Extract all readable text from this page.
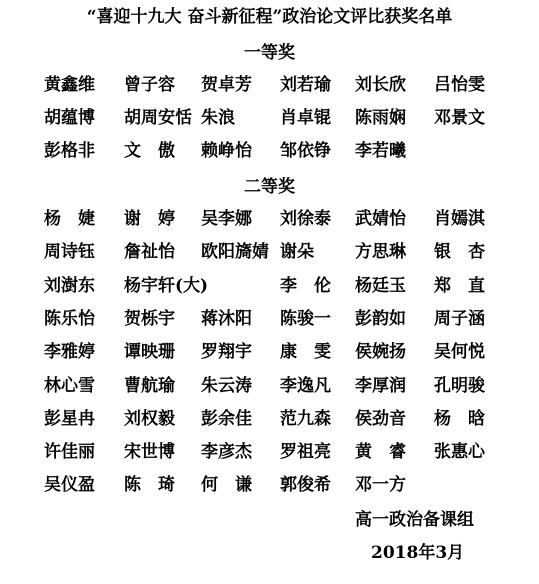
“喜迎十九大 奋斗新征程”政治论文评比获奖名单
一等奖
黄鑫维 曾子容 贺卓芳 刘若瑜 刘长欣 吕怡雯
胡蕴博 胡周安恬 朱浪	肖卓锟 陈雨娴 邓景文
彭格非 文　傲 赖峥怡 邹依铮 李若曦
二等奖
杨　婕 谢　婷 吴李娜 刘徐泰 武婧怡 肖嫣淇
周诗钰 詹祉怡 欧阳旖婧 谢朵 方思琳 银　杏
刘澍东 杨宇轩(大)	李　伦 杨廷玉 郑　直
陈乐怡 贺栎宇 蒋沐阳 陈骏一 彭韵如 周子涵
李雅婷 谭映珊 罗翔宇 康　雯 侯婉扬 吴何悦
林心雪 曹航瑜 朱云涛 李逸凡 李厚润 孔明骏
彭星冉 刘权毅 彭余佳 范九森 侯劲音 杨　晗
许佳丽 宋世博 李彦杰 罗祖亮 黄　睿 张惠心
吴仪盈 陈　琦 何　谦 郭俊希 邓一方
高一政治备课组
2018年3月
